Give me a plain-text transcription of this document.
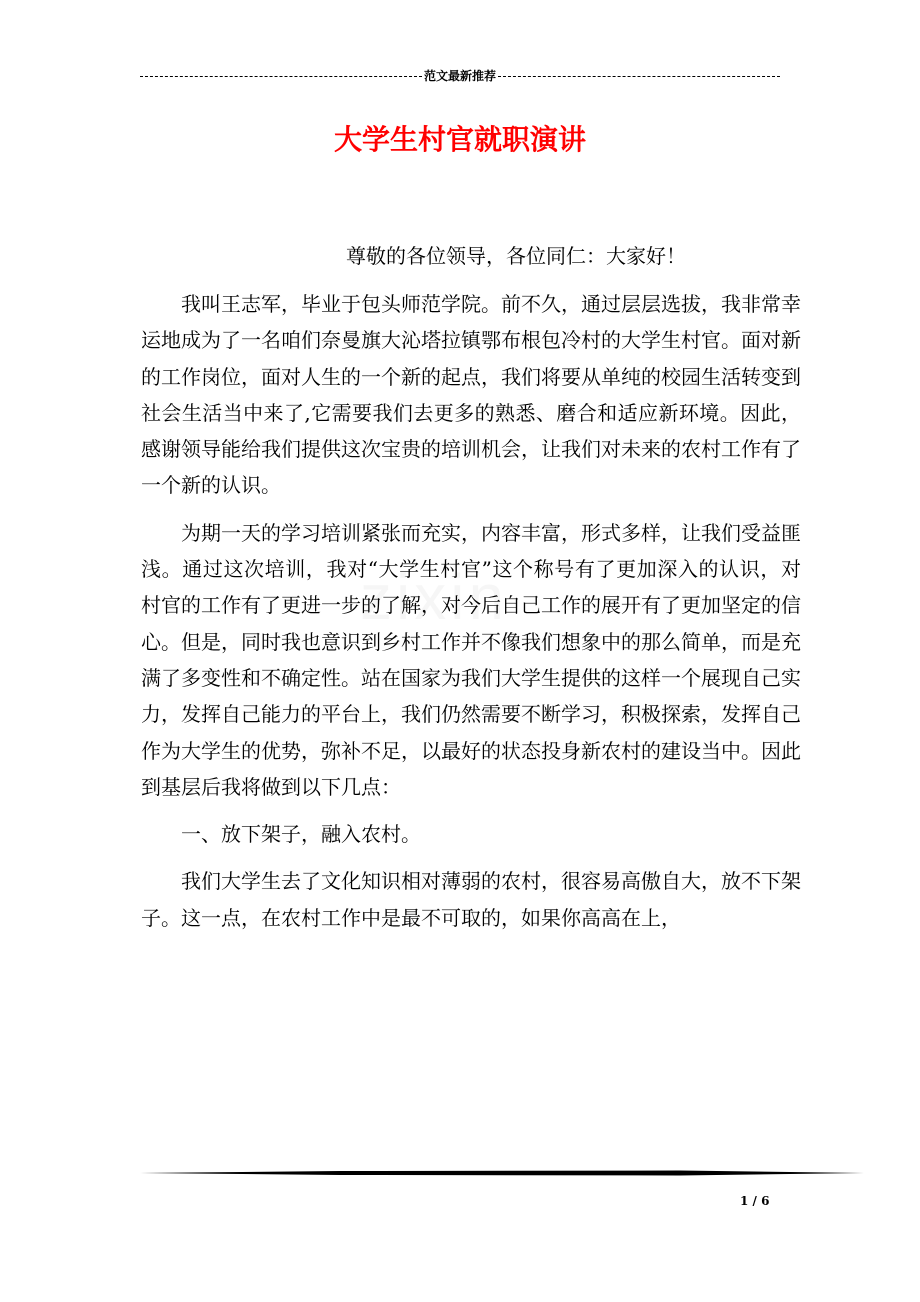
范文最新推荐
大学生村官就职演讲

尊敬的各位领导，各位同仁：大家好！

我叫王志军，毕业于包头师范学院。前不久，通过层层选拔，我非常幸运地成为了一名咱们奈曼旗大沁塔拉镇鄂布根包冷村的大学生村官。面对新的工作岗位，面对人生的一个新的起点，我们将要从单纯的校园生活转变到社会生活当中来了,它需要我们去更多的熟悉、磨合和适应新环境。因此，感谢领导能给我们提供这次宝贵的培训机会，让我们对未来的农村工作有了一个新的认识。

为期一天的学习培训紧张而充实，内容丰富，形式多样，让我们受益匪浅。通过这次培训，我对“大学生村官”这个称号有了更加深入的认识，对村官的工作有了更进一步的了解，对今后自己工作的展开有了更加坚定的信心。但是，同时我也意识到乡村工作并不像我们想象中的那么简单，而是充满了多变性和不确定性。站在国家为我们大学生提供的这样一个展现自己实力，发挥自己能力的平台上，我们仍然需要不断学习，积极探索，发挥自己作为大学生的优势，弥补不足，以最好的状态投身新农村的建设当中。因此到基层后我将做到以下几点：

一、放下架子，融入农村。

我们大学生去了文化知识相对薄弱的农村，很容易高傲自大，放不下架子。这一点，在农村工作中是最不可取的，如果你高高在上，

1 / 6
